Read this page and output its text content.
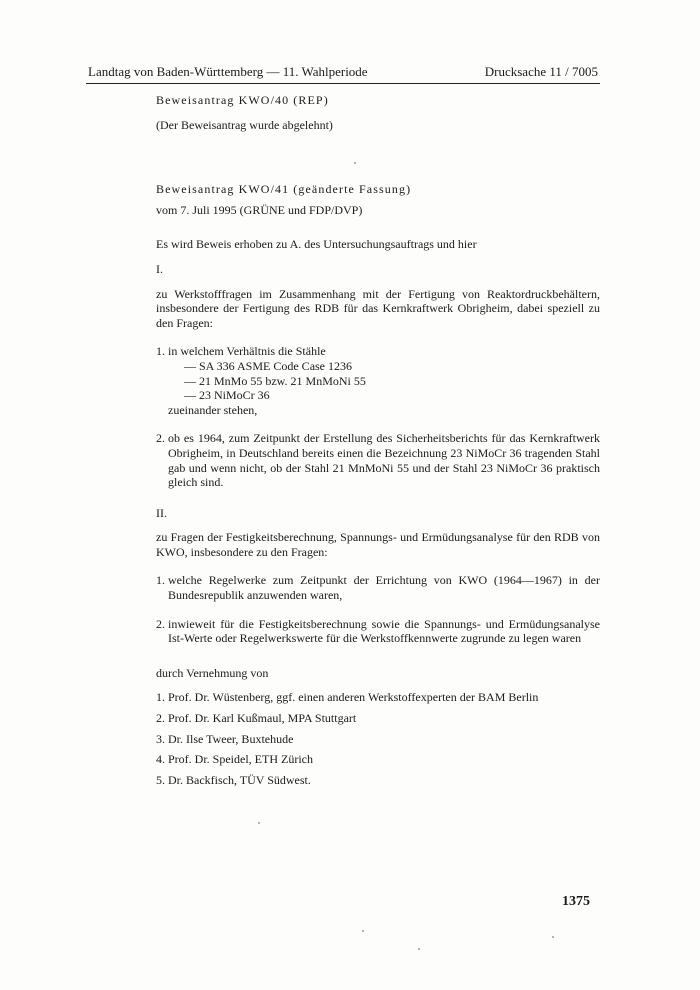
Landtag von Baden-Württemberg — 11. Wahlperiode	Drucksache 11 / 7005

Beweisantrag KWO/40 (REP)

(Der Beweisantrag wurde abgelehnt)

Beweisantrag KWO/41 (geänderte Fassung)

vom 7. Juli 1995 (GRÜNE und FDP/DVP)

Es wird Beweis erhoben zu A. des Untersuchungsauftrags und hier

I.

zu Werkstofffragen im Zusammenhang mit der Fertigung von Reaktordruckbehältern, insbesondere der Fertigung des RDB für das Kernkraftwerk Obrigheim, dabei speziell zu den Fragen:

1. in welchem Verhältnis die Stähle

— SA 336 ASME Code Case 1236

— 21 MnMo 55 bzw. 21 MnMoNi 55

— 23 NiMoCr 36

zueinander stehen,

2. ob es 1964, zum Zeitpunkt der Erstellung des Sicherheitsberichts für das Kernkraftwerk Obrigheim, in Deutschland bereits einen die Bezeichnung 23 NiMoCr 36 tragenden Stahl gab und wenn nicht, ob der Stahl 21 MnMoNi 55 und der Stahl 23 NiMoCr 36 praktisch gleich sind.

II.

zu Fragen der Festigkeitsberechnung, Spannungs- und Ermüdungsanalyse für den RDB von KWO, insbesondere zu den Fragen:

1. welche Regelwerke zum Zeitpunkt der Errichtung von KWO (1964—1967) in der Bundesrepublik anzuwenden waren,

2. inwieweit für die Festigkeitsberechnung sowie die Spannungs- und Ermüdungsanalyse Ist-Werte oder Regelwerkswerte für die Werkstoffkennwerte zugrunde zu legen waren

durch Vernehmung von

1. Prof. Dr. Wüstenberg, ggf. einen anderen Werkstoffexperten der BAM Berlin

2. Prof. Dr. Karl Kußmaul, MPA Stuttgart

3. Dr. Ilse Tweer, Buxtehude

4. Prof. Dr. Speidel, ETH Zürich

5. Dr. Backfisch, TÜV Südwest.

1375
